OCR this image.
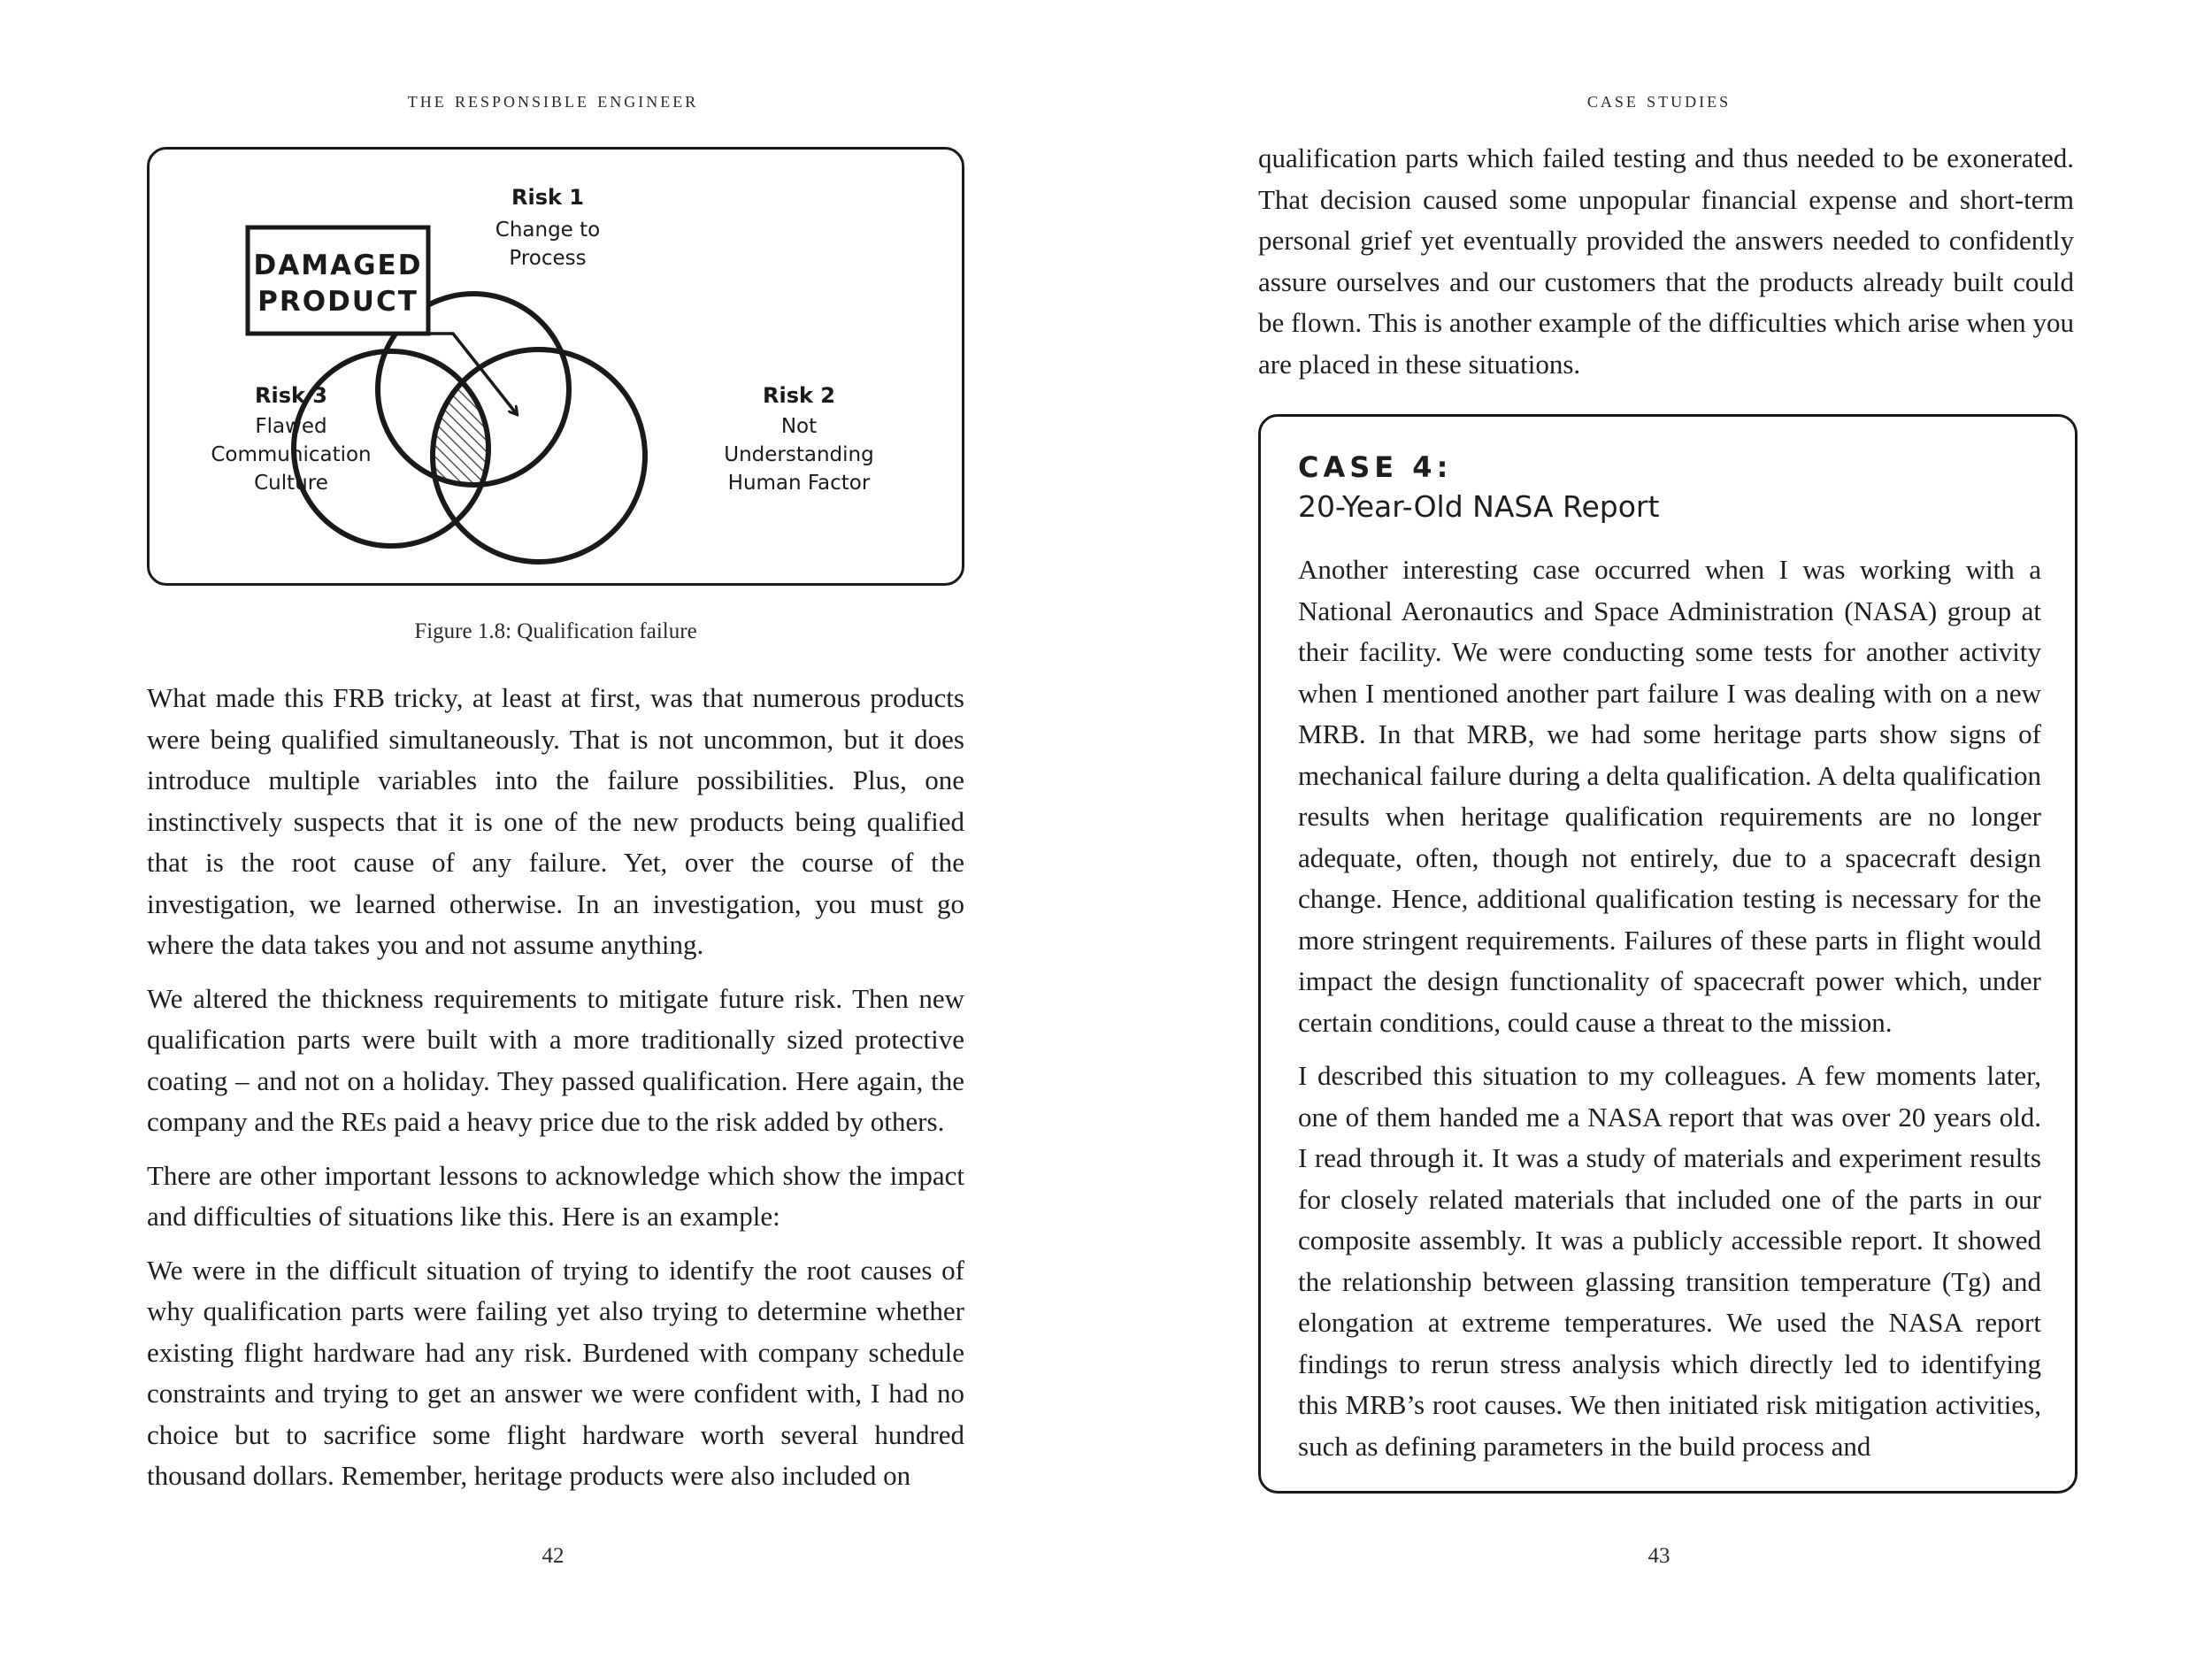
the responsible engineer
DAMAGED
PRODUCT
Risk 1
Change to
Process
Risk 2
Not
Understanding
Human Factor
Risk 3
Flawed
Communication
Culture
Figure 1.8: Qualification failure

What made this FRB tricky, at least at first, was that numerous products were being qualified simultaneously. That is not uncommon, but it does introduce multiple variables into the failure possibilities. Plus, one instinctively suspects that it is one of the new products being qualified that is the root cause of any failure. Yet, over the course of the investigation, we learned otherwise. In an investigation, you must go where the data takes you and not assume anything.

We altered the thickness requirements to mitigate future risk. Then new qualification parts were built with a more traditionally sized protective coating – and not on a holiday. They passed qualification. Here again, the company and the REs paid a heavy price due to the risk added by others.

There are other important lessons to acknowledge which show the impact and difficulties of situations like this. Here is an example:

We were in the difficult situation of trying to identify the root causes of why qualification parts were failing yet also trying to determine whether existing flight hardware had any risk. Burdened with company schedule constraints and trying to get an answer we were confident with, I had no choice but to sacrifice some flight hardware worth several hundred thousand dollars. Remember, heritage products were also included on

42
case studies

qualification parts which failed testing and thus needed to be exonerated. That decision caused some unpopular financial expense and short-term personal grief yet eventually provided the answers needed to confidently assure ourselves and our customers that the products already built could be flown. This is another example of the difficulties which arise when you are placed in these situations.

CASE 4:
20-Year-Old NASA Report

Another interesting case occurred when I was working with a National Aeronautics and Space Administration (NASA) group at their facility. We were conducting some tests for another activity when I mentioned another part failure I was dealing with on a new MRB. In that MRB, we had some heritage parts show signs of mechanical failure during a delta qualification. A delta qualification results when heritage qualification requirements are no longer adequate, often, though not entirely, due to a spacecraft design change. Hence, additional qualification testing is necessary for the more stringent requirements. Failures of these parts in flight would impact the design functionality of spacecraft power which, under certain conditions, could cause a threat to the mission.

I described this situation to my colleagues. A few moments later, one of them handed me a NASA report that was over 20 years old. I read through it. It was a study of materials and experiment results for closely related materials that included one of the parts in our composite assembly. It was a publicly accessible report. It showed the relationship between glassing transition temperature (Tg) and elongation at extreme temperatures. We used the NASA report findings to rerun stress analysis which directly led to identifying this MRB’s root causes. We then initiated risk mitigation activities, such as defining parameters in the build process and

43
